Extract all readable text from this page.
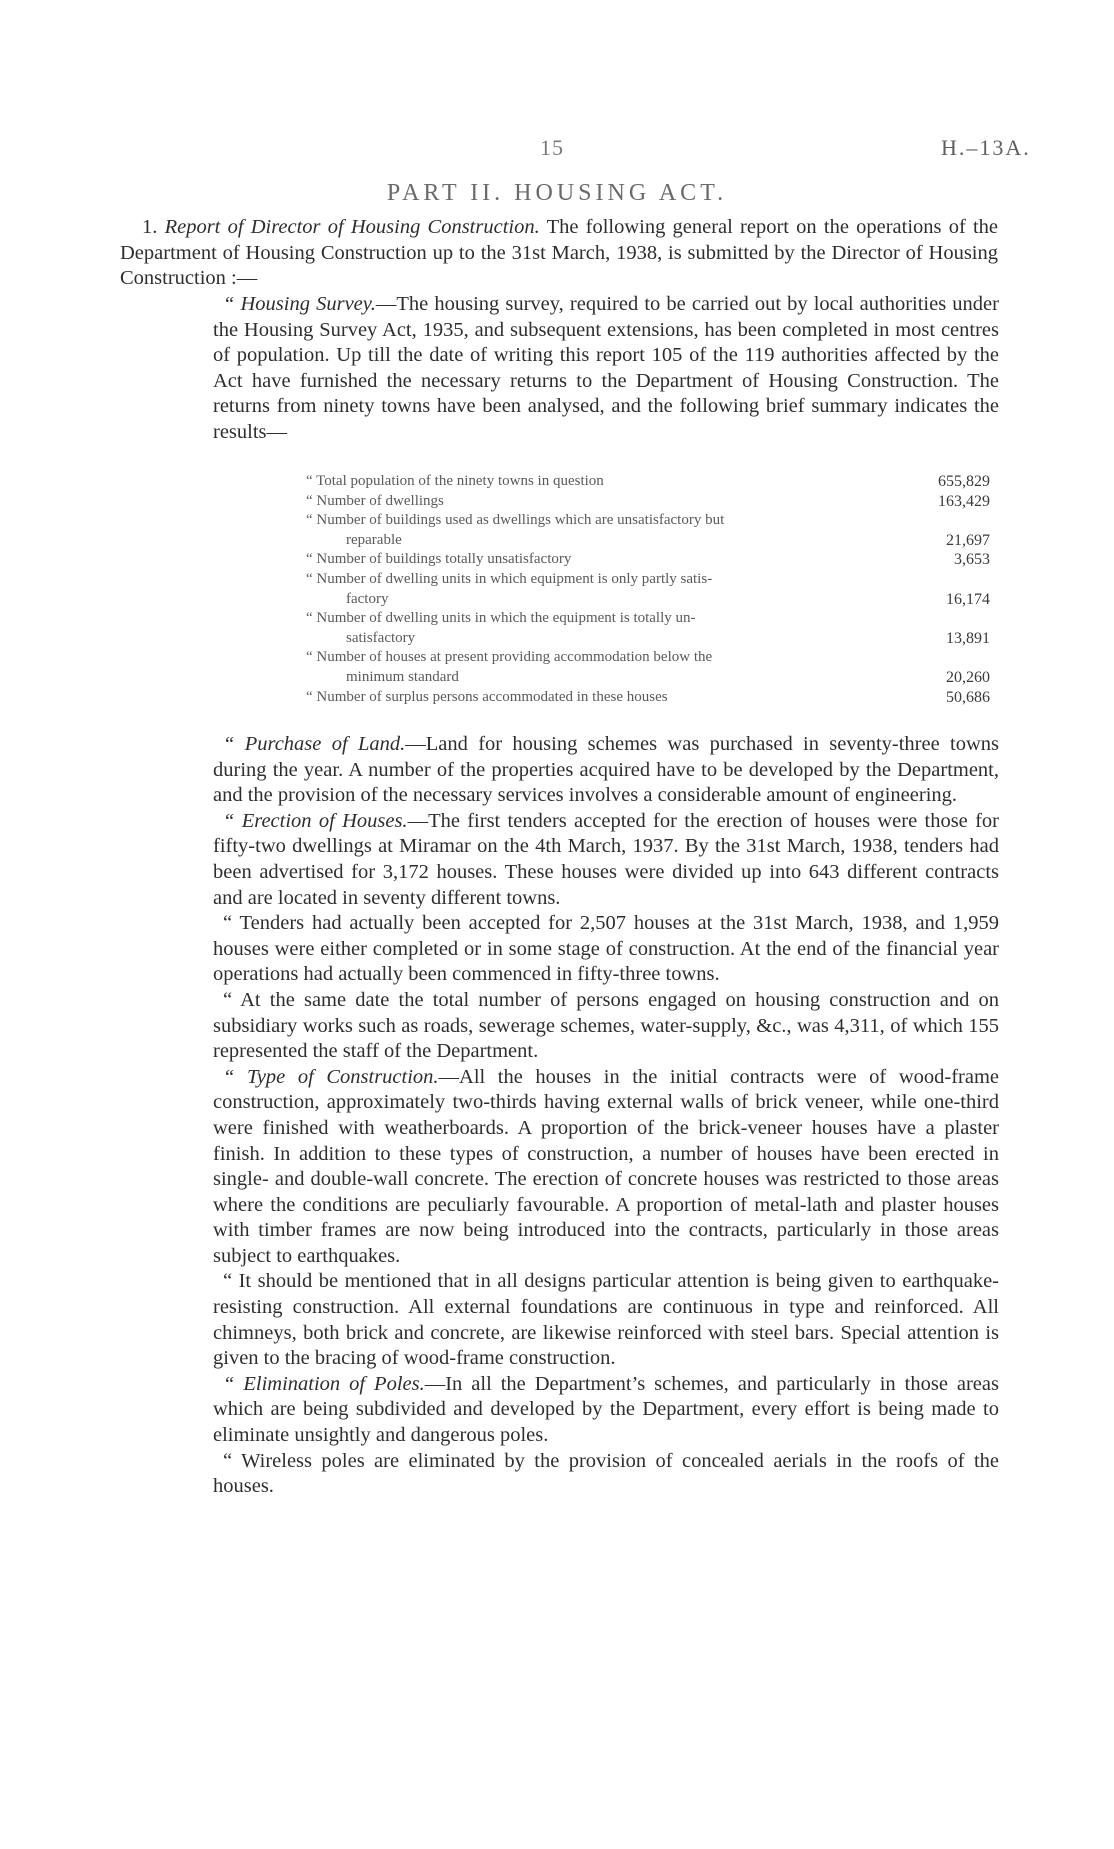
15	H.–13A.
PART II. HOUSING ACT.

1. Report of Director of Housing Construction. The following general report on the operations of the Department of Housing Construction up to the 31st March, 1938, is submitted by the Director of Housing Construction :—

“ Housing Survey.—The housing survey, required to be carried out by local authorities under the Housing Survey Act, 1935, and subsequent extensions, has been completed in most centres of population. Up till the date of writing this report 105 of the 119 authorities affected by the Act have furnished the necessary returns to the Department of Housing Construction. The returns from ninety towns have been analysed, and the following brief summary indicates the results—

“ Total population of the ninety towns in question	655,829
“ Number of dwellings	163,429
“ Number of buildings used as dwellings which are unsatisfactory but
reparable	21,697
“ Number of buildings totally unsatisfactory	3,653
“ Number of dwelling units in which equipment is only partly satis-
factory	16,174
“ Number of dwelling units in which the equipment is totally un-
satisfactory	13,891
“ Number of houses at present providing accommodation below the
minimum standard	20,260
“ Number of surplus persons accommodated in these houses	50,686

“ Purchase of Land.—Land for housing schemes was purchased in seventy-three towns during the year. A number of the properties acquired have to be developed by the Department, and the provision of the necessary services involves a considerable amount of engineering.

“ Erection of Houses.—The first tenders accepted for the erection of houses were those for fifty-two dwellings at Miramar on the 4th March, 1937. By the 31st March, 1938, tenders had been advertised for 3,172 houses. These houses were divided up into 643 different contracts and are located in seventy different towns.

“ Tenders had actually been accepted for 2,507 houses at the 31st March, 1938, and 1,959 houses were either completed or in some stage of construction. At the end of the financial year operations had actually been commenced in fifty-three towns.

“ At the same date the total number of persons engaged on housing construction and on subsidiary works such as roads, sewerage schemes, water-supply, &c., was 4,311, of which 155 represented the staff of the Department.

“ Type of Construction.—All the houses in the initial contracts were of wood-frame construction, approximately two-thirds having external walls of brick veneer, while one-third were finished with weatherboards. A proportion of the brick-veneer houses have a plaster finish. In addition to these types of construction, a number of houses have been erected in single- and double-wall concrete. The erection of concrete houses was restricted to those areas where the conditions are peculiarly favourable. A proportion of metal-lath and plaster houses with timber frames are now being introduced into the contracts, particularly in those areas subject to earthquakes.

“ It should be mentioned that in all designs particular attention is being given to earthquake-resisting construction. All external foundations are continuous in type and reinforced. All chimneys, both brick and concrete, are likewise reinforced with steel bars. Special attention is given to the bracing of wood-frame construction.

“ Elimination of Poles.—In all the Department’s schemes, and particularly in those areas which are being subdivided and developed by the Department, every effort is being made to eliminate unsightly and dangerous poles.

“ Wireless poles are eliminated by the provision of concealed aerials in the roofs of the houses.
